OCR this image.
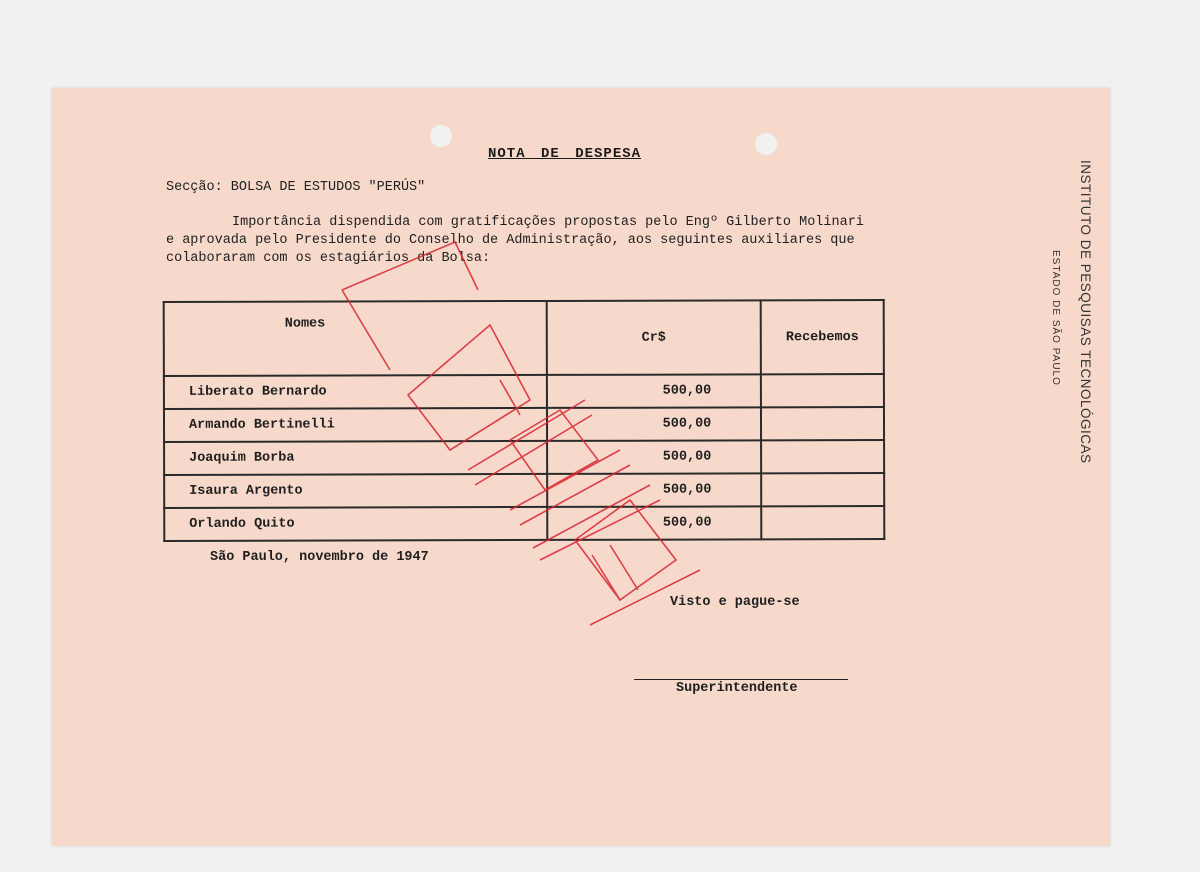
NOTA DE DESPESA
Secção: BOLSA DE ESTUDOS "PERÚS"
Importância dispendida com gratificações propostas pelo Engº Gilberto Molinari
e aprovada pelo Presidente do Conselho de Administração, aos seguintes auxiliares que
colaboraram com os estagiários da Bolsa:
Nomes	Cr$	Recebemos
Liberato Bernardo	500,00	
Armando Bertinelli	500,00	
Joaquim Borba	500,00	
Isaura Argento	500,00	
Orlando Quito	500,00	
São Paulo, novembro de 1947
Visto e pague-se
Superintendente
INSTITUTO DE PESQUISAS TECNOLÓGICAS
ESTADO DE SÃO PAULO
